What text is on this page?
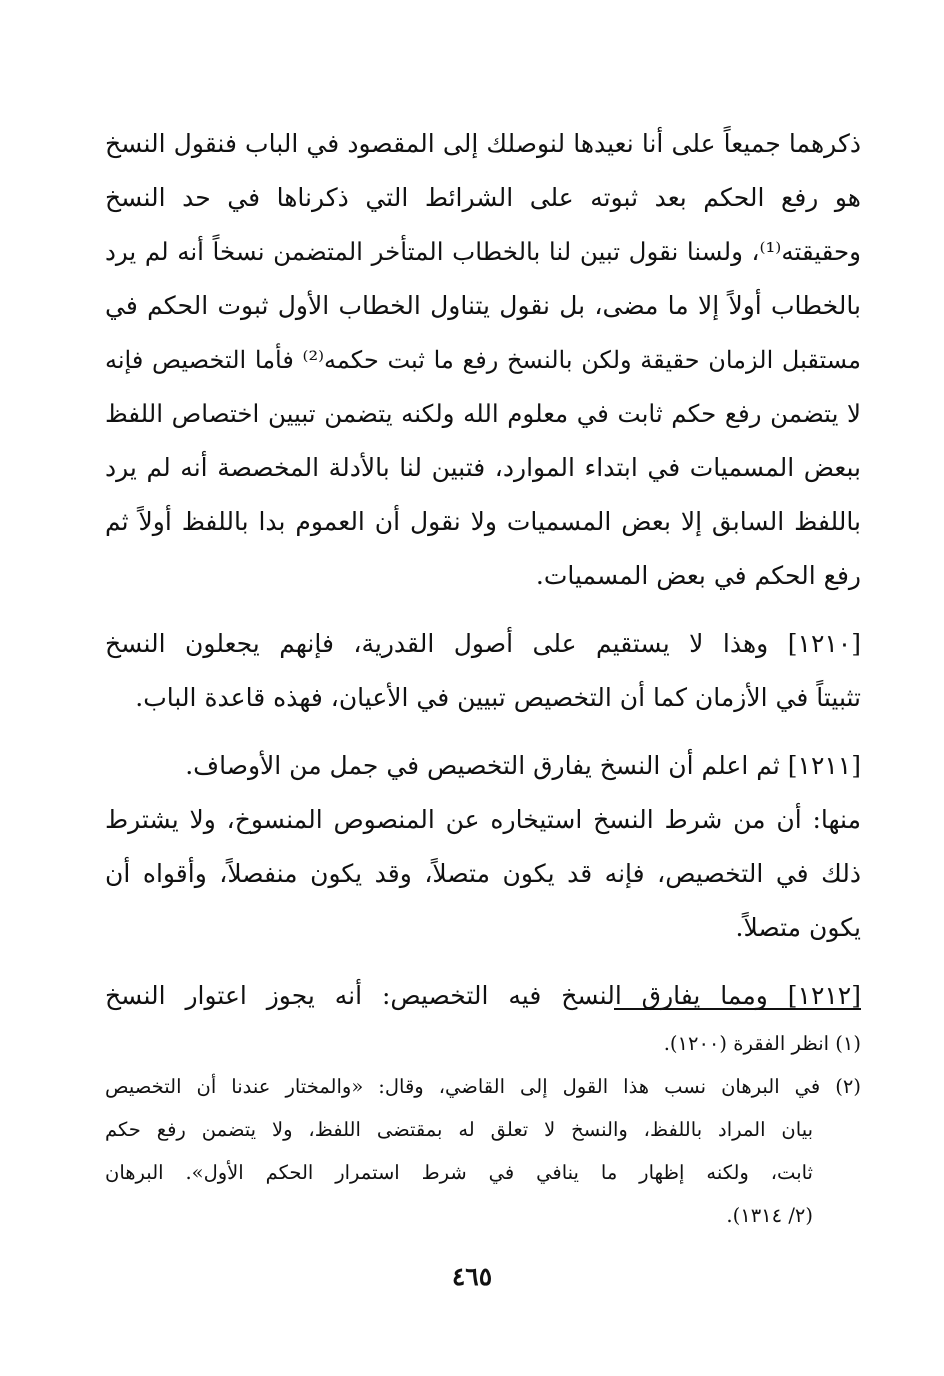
ذكرهما جميعاً على أنا نعيدها لنوصلك إلى المقصود في الباب فنقول النسخ
هو رفع الحكم بعد ثبوته على الشرائط التي ذكرناها في حد النسخ
وحقيقته⁽¹⁾، ولسنا نقول تبين لنا بالخطاب المتأخر المتضمن نسخاً أنه لم يرد
بالخطاب أولاً إلا ما مضى، بل نقول يتناول الخطاب الأول ثبوت الحكم في
مستقبل الزمان حقيقة ولكن بالنسخ رفع ما ثبت حكمه⁽²⁾ فأما التخصيص فإنه
لا يتضمن رفع حكم ثابت في معلوم الله ولكنه يتضمن تبيين اختصاص اللفظ
ببعض المسميات في ابتداء الموارد، فتبين لنا بالأدلة المخصصة أنه لم يرد
باللفظ السابق إلا بعض المسميات ولا نقول أن العموم بدا باللفظ أولاً ثم
رفع الحكم في بعض المسميات.
[١٢١٠] وهذا لا يستقيم على أصول القدرية، فإنهم يجعلون النسخ
تثبيتاً في الأزمان كما أن التخصيص تبيين في الأعيان، فهذه قاعدة الباب.
[١٢١١] ثم اعلم أن النسخ يفارق التخصيص في جمل من الأوصاف.
منها: أن من شرط النسخ استيخاره عن المنصوص المنسوخ، ولا يشترط
ذلك في التخصيص، فإنه قد يكون متصلاً، وقد يكون منفصلاً، وأقواه أن
يكون متصلاً.
[١٢١٢] ومما يفارق النسخ فيه التخصيص: أنه يجوز اعتوار النسخ
(١) انظر الفقرة (١٢٠٠).
(٢) في البرهان نسب هذا القول إلى القاضي، وقال: «والمختار عندنا أن التخصيص
بيان المراد باللفظ، والنسخ لا تعلق له بمقتضى اللفظ، ولا يتضمن رفع حكم
ثابت، ولكنه إظهار ما ينافي في شرط استمرار الحكم الأول». البرهان
(٢/ ١٣١٤).
٤٦٥
